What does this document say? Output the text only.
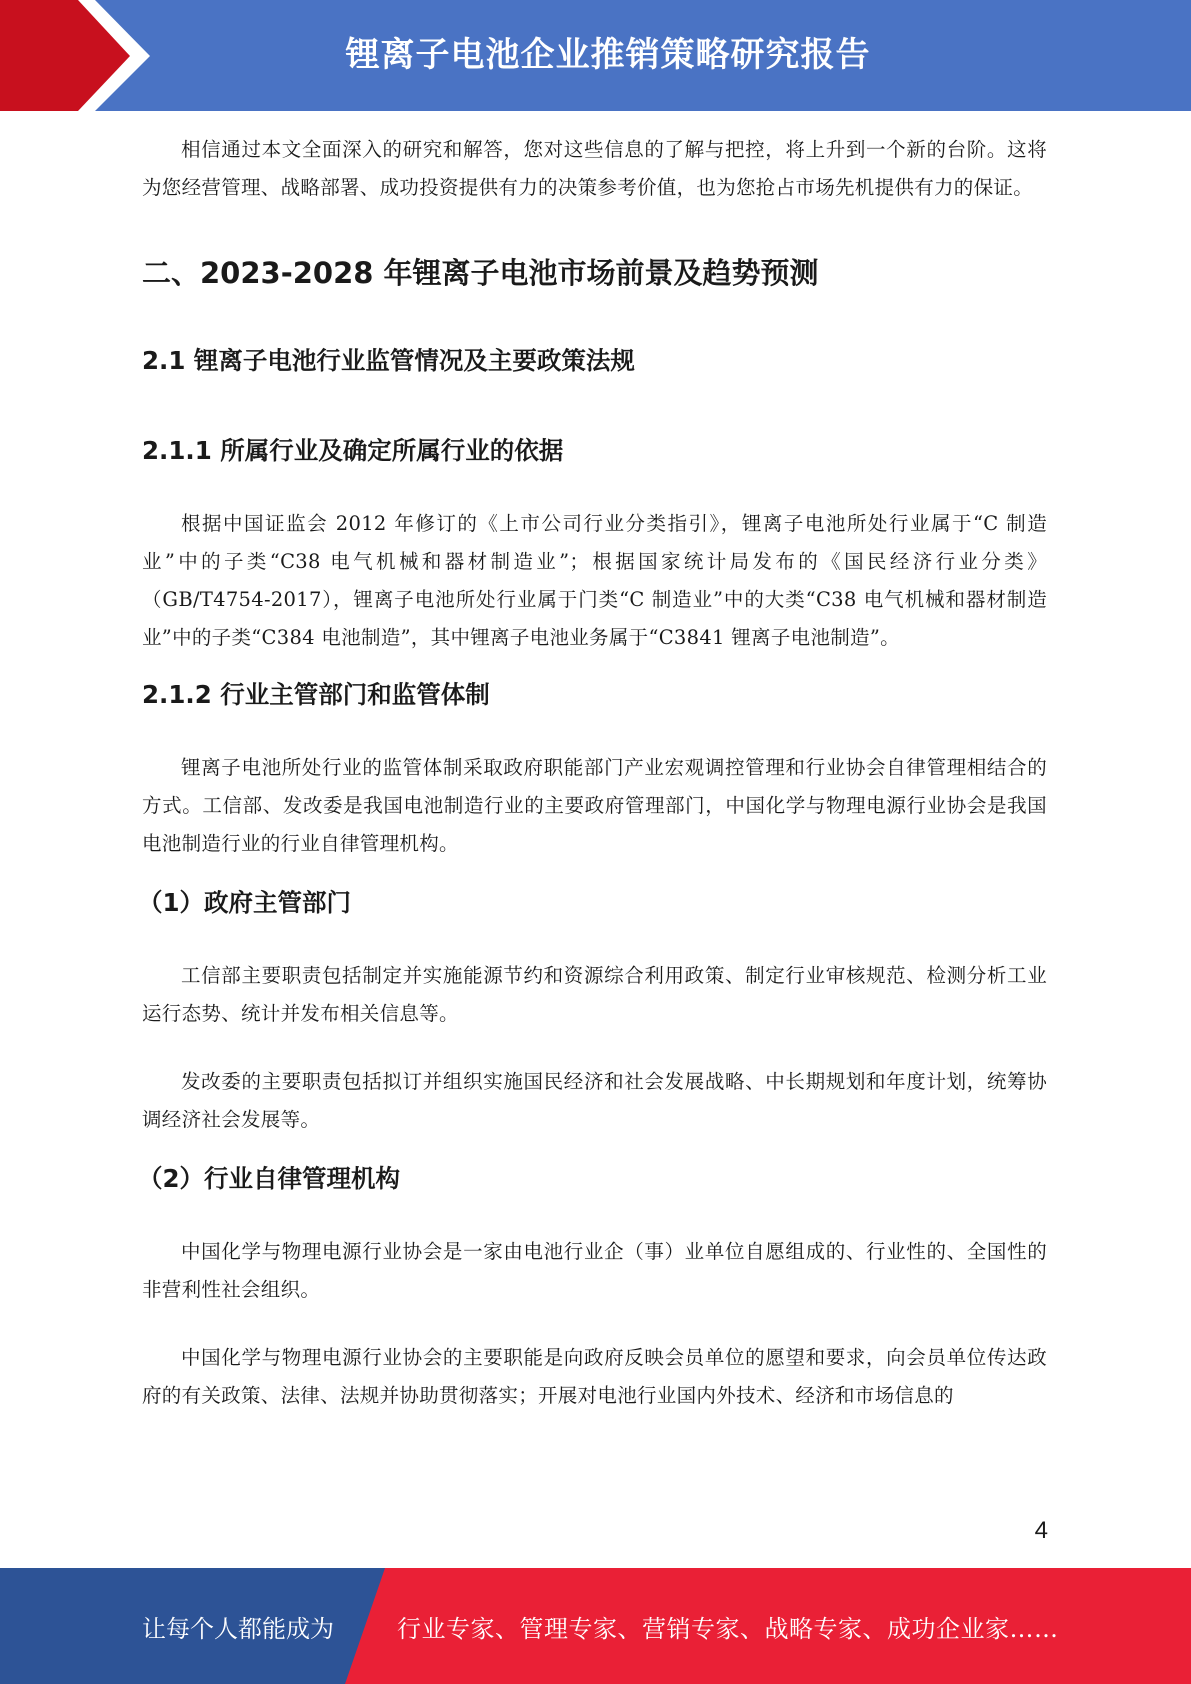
锂离子电池企业推销策略研究报告

相信通过本文全面深入的研究和解答，您对这些信息的了解与把控，将上升到一个新的台阶。这将为您经营管理、战略部署、成功投资提供有力的决策参考价值，也为您抢占市场先机提供有力的保证。

二、2023-2028 年锂离子电池市场前景及趋势预测
2.1 锂离子电池行业监管情况及主要政策法规
2.1.1 所属行业及确定所属行业的依据

根据中国证监会 2012 年修订的《上市公司行业分类指引》，锂离子电池所处行业属于“C 制造业”中的子类“C38 电气机械和器材制造业”；根据国家统计局发布的《国民经济行业分类》（GB/T4754-2017），锂离子电池所处行业属于门类“C 制造业”中的大类“C38 电气机械和器材制造业”中的子类“C384 电池制造”，其中锂离子电池业务属于“C3841 锂离子电池制造”。

2.1.2 行业主管部门和监管体制

锂离子电池所处行业的监管体制采取政府职能部门产业宏观调控管理和行业协会自律管理相结合的方式。工信部、发改委是我国电池制造行业的主要政府管理部门，中国化学与物理电源行业协会是我国电池制造行业的行业自律管理机构。

（1）政府主管部门

工信部主要职责包括制定并实施能源节约和资源综合利用政策、制定行业审核规范、检测分析工业运行态势、统计并发布相关信息等。

发改委的主要职责包括拟订并组织实施国民经济和社会发展战略、中长期规划和年度计划，统筹协调经济社会发展等。

（2）行业自律管理机构

中国化学与物理电源行业协会是一家由电池行业企（事）业单位自愿组成的、行业性的、全国性的非营利性社会组织。

中国化学与物理电源行业协会的主要职能是向政府反映会员单位的愿望和要求，向会员单位传达政府的有关政策、法律、法规并协助贯彻落实；开展对电池行业国内外技术、经济和市场信息的

4
让每个人都能成为	行业专家、管理专家、营销专家、战略专家、成功企业家……
